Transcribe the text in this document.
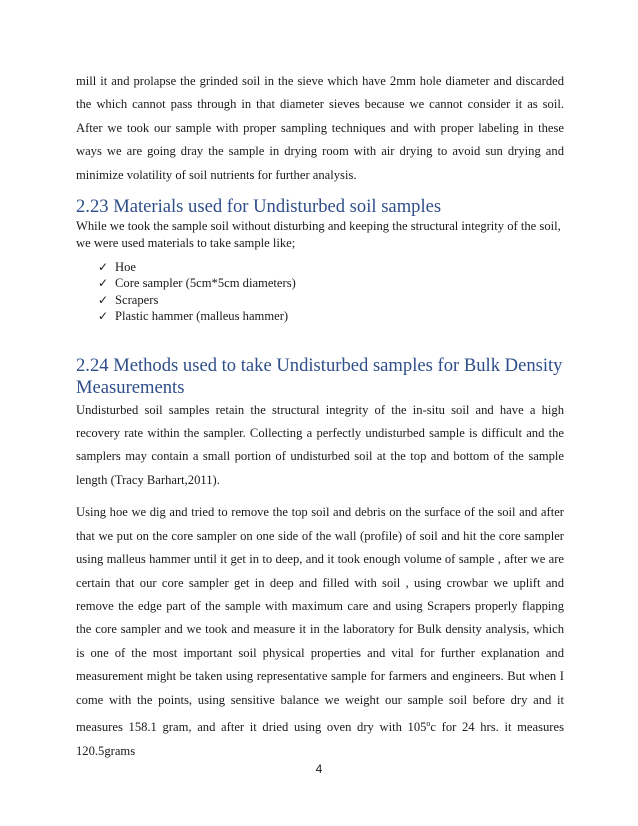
mill it and prolapse the grinded soil in the sieve which have 2mm hole diameter and discarded the which cannot pass through in that diameter sieves because we cannot consider it as soil. After we took our sample with proper sampling techniques and with proper labeling in these ways we are going dray the sample in drying room with air drying to avoid sun drying and minimize volatility of soil nutrients for further analysis.

2.23 Materials used for Undisturbed soil samples

While we took the sample soil without disturbing and keeping the structural integrity of the soil, we were used materials to take sample like;

✓ Hoe
✓ Core sampler (5cm*5cm diameters)
✓ Scrapers
✓ Plastic hammer (malleus hammer)
2.24 Methods used to take Undisturbed samples for Bulk Density
Measurements

Undisturbed soil samples retain the structural integrity of the in-situ soil and have a high recovery rate within the sampler. Collecting a perfectly undisturbed sample is difficult and the samplers may contain a small portion of undisturbed soil at the top and bottom of the sample length (Tracy Barhart,2011).

Using hoe we dig and tried to remove the top soil and debris on the surface of the soil and after that we put on the core sampler on one side of the wall (profile) of soil and hit the core sampler using malleus hammer until it get in to deep, and it took enough volume of sample , after we are certain that our core sampler get in deep and filled with soil , using crowbar we uplift and remove the edge part of the sample with maximum care and using Scrapers properly flapping the core sampler and we took and measure it in the laboratory for Bulk density analysis, which is one of the most important soil physical properties and vital for further explanation and measurement might be taken using representative sample for farmers and engineers. But when I come with the points, using sensitive balance we weight our sample soil before dry and it measures 158.1 gram, and after it dried using oven dry with 105$^o$c for 24 hrs. it measures 120.5grams

4
